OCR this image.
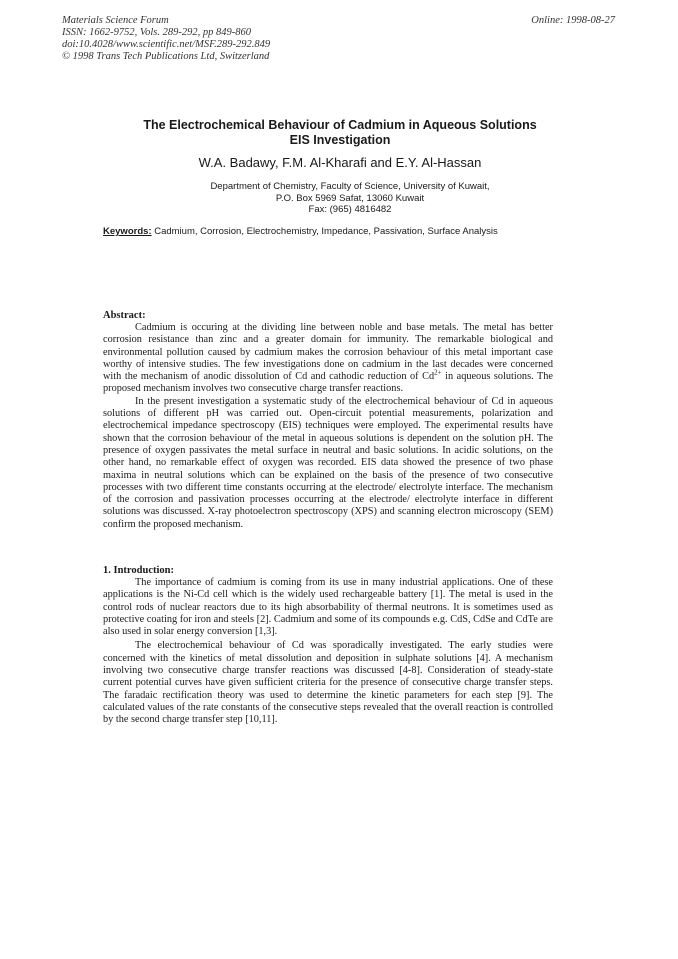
Materials Science Forum
ISSN: 1662-9752, Vols. 289-292, pp 849-860
doi:10.4028/www.scientific.net/MSF.289-292.849
© 1998 Trans Tech Publications Ltd, Switzerland
Online: 1998-08-27
The Electrochemical Behaviour of Cadmium in Aqueous Solutions
EIS Investigation
W.A. Badawy, F.M. Al-Kharafi and E.Y. Al-Hassan
Department of Chemistry, Faculty of Science, University of Kuwait,
P.O. Box 5969 Safat, 13060 Kuwait
Fax: (965) 4816482
Keywords: Cadmium, Corrosion, Electrochemistry, Impedance, Passivation, Surface Analysis
Abstract:

Cadmium is occuring at the dividing line between noble and base metals. The metal has better corrosion resistance than zinc and a greater domain for immunity. The remarkable biological and environmental pollution caused by cadmium makes the corrosion behaviour of this metal important case worthy of intensive studies. The few investigations done on cadmium in the last decades were concerned with the mechanism of anodic dissolution of Cd and cathodic reduction of $Cd^{2+}$ in aqueous solutions. The proposed mechanism involves two consecutive charge transfer reactions.

In the present investigation a systematic study of the electrochemical behaviour of Cd in aqueous solutions of different pH was carried out. Open-circuit potential measurements, polarization and electrochemical impedance spectroscopy (EIS) techniques were employed. The experimental results have shown that the corrosion behaviour of the metal in aqueous solutions is dependent on the solution pH. The presence of oxygen passivates the metal surface in neutral and basic solutions. In acidic solutions, on the other hand, no remarkable effect of oxygen was recorded. EIS data showed the presence of two phase maxima in neutral solutions which can be explained on the basis of the presence of two consecutive processes with two different time constants occurring at the electrode/ electrolyte interface. The mechanism of the corrosion and passivation processes occurring at the electrode/ electrolyte interface in different solutions was discussed. X-ray photoelectron spectroscopy (XPS) and scanning electron microscopy (SEM) confirm the proposed mechanism.

1. Introduction:

The importance of cadmium is coming from its use in many industrial applications. One of these applications is the Ni-Cd cell which is the widely used rechargeable battery [1]. The metal is used in the control rods of nuclear reactors due to its high absorbability of thermal neutrons. It is sometimes used as protective coating for iron and steels [2]. Cadmium and some of its compounds e.g. CdS, CdSe and CdTe are also used in solar energy conversion [1,3].

The electrochemical behaviour of Cd was sporadically investigated. The early studies were concerned with the kinetics of metal dissolution and deposition in sulphate solutions [4]. A mechanism involving two consecutive charge transfer reactions was discussed [4-8]. Consideration of steady-state current potential curves have given sufficient criteria for the presence of consecutive charge transfer steps. The faradaic rectification theory was used to determine the kinetic parameters for each step [9]. The calculated values of the rate constants of the consecutive steps revealed that the overall reaction is controlled by the second charge transfer step [10,11].
